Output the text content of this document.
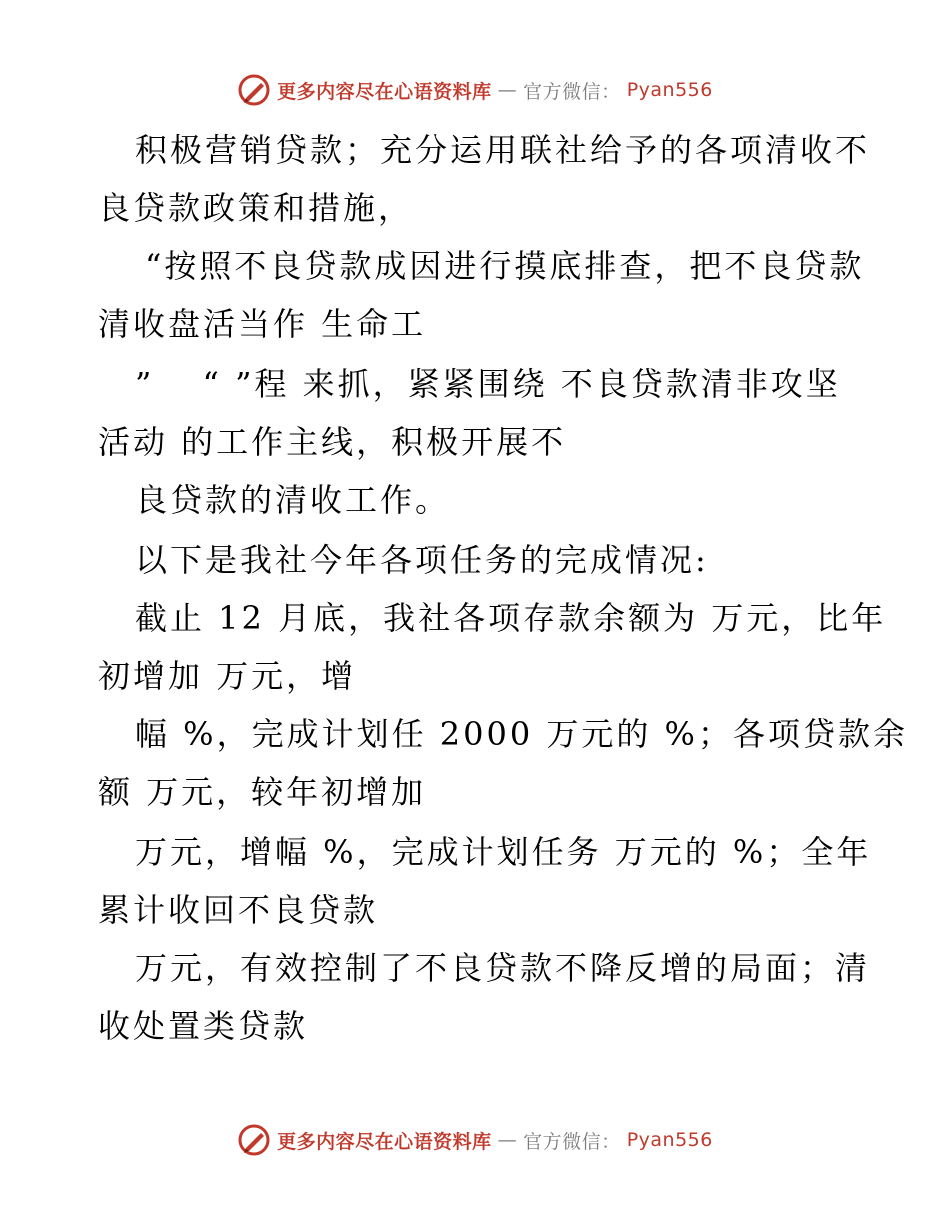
更多内容尽在心语资料库 — 官方微信： Pyan556
积极营销贷款；充分运用联社给予的各项清收不
良贷款政策和措施，
“按照不良贷款成因进行摸底排查，把不良贷款
清收盘活当作 生命工
”　 “ ”程 来抓，紧紧围绕 不良贷款清非攻坚
活动 的工作主线，积极开展不
良贷款的清收工作。
以下是我社今年各项任务的完成情况:
截止 12 月底，我社各项存款余额为 万元，比年
初增加 万元，增
幅 %，完成计划任 2000 万元的 %；各项贷款余
额 万元，较年初增加
万元，增幅 %，完成计划任务 万元的 %；全年
累计收回不良贷款
万元，有效控制了不良贷款不降反增的局面；清
收处置类贷款
更多内容尽在心语资料库 — 官方微信： Pyan556
